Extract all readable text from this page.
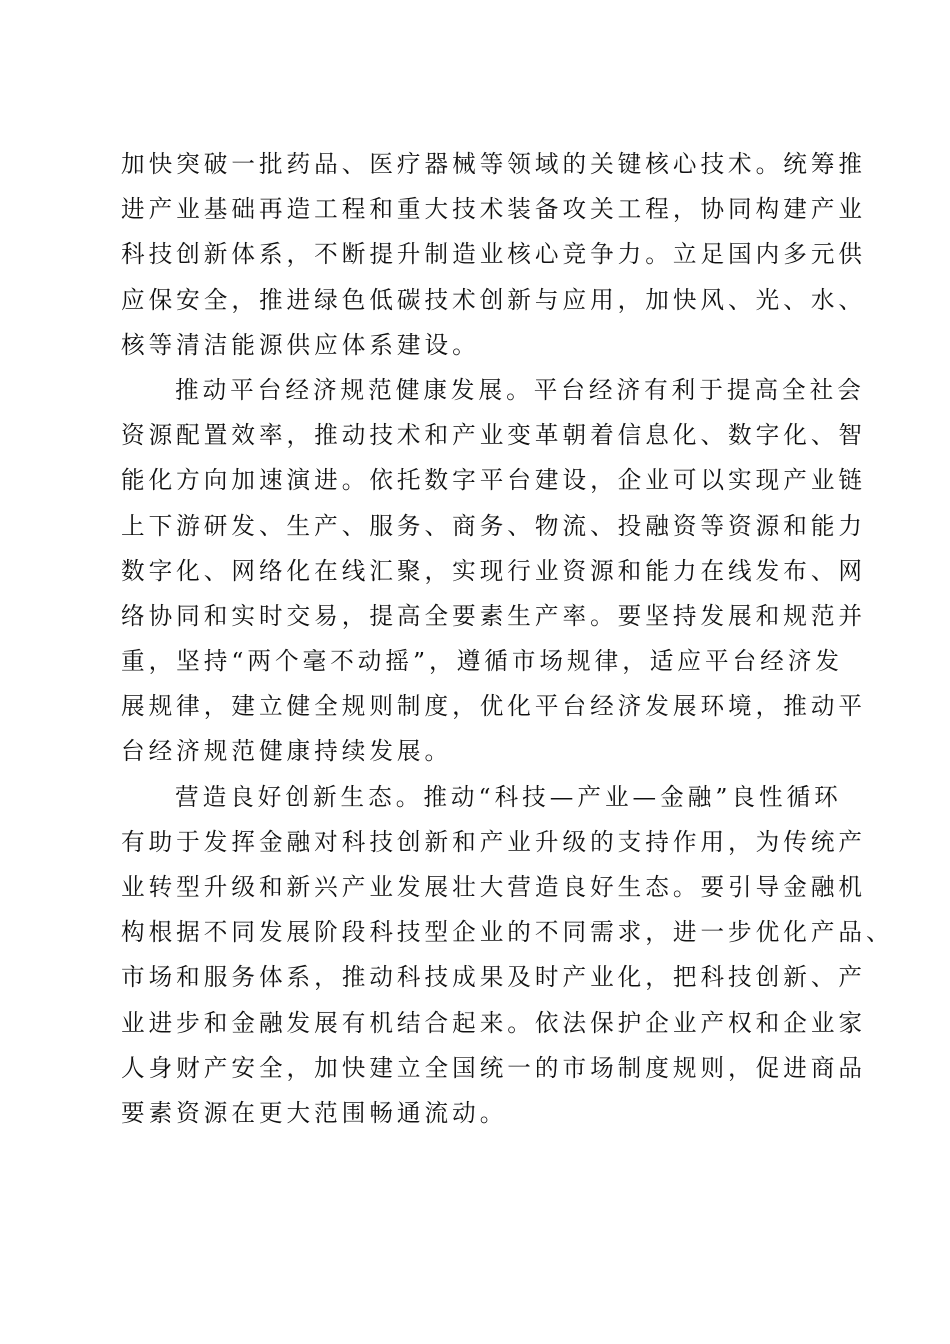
加快突破一批药品、医疗器械等领域的关键核心技术。统筹推
进产业基础再造工程和重大技术装备攻关工程，协同构建产业
科技创新体系，不断提升制造业核心竞争力。立足国内多元供
应保安全，推进绿色低碳技术创新与应用，加快风、光、水、
核等清洁能源供应体系建设。
推动平台经济规范健康发展。平台经济有利于提高全社会
资源配置效率，推动技术和产业变革朝着信息化、数字化、智
能化方向加速演进。依托数字平台建设，企业可以实现产业链
上下游研发、生产、服务、商务、物流、投融资等资源和能力
数字化、网络化在线汇聚，实现行业资源和能力在线发布、网
络协同和实时交易，提高全要素生产率。要坚持发展和规范并
重，坚持“两个毫不动摇”，遵循市场规律，适应平台经济发
展规律，建立健全规则制度，优化平台经济发展环境，推动平
台经济规范健康持续发展。
营造良好创新生态。推动“科技—产业—金融”良性循环
有助于发挥金融对科技创新和产业升级的支持作用，为传统产
业转型升级和新兴产业发展壮大营造良好生态。要引导金融机
构根据不同发展阶段科技型企业的不同需求，进一步优化产品、
市场和服务体系，推动科技成果及时产业化，把科技创新、产
业进步和金融发展有机结合起来。依法保护企业产权和企业家
人身财产安全，加快建立全国统一的市场制度规则，促进商品
要素资源在更大范围畅通流动。
